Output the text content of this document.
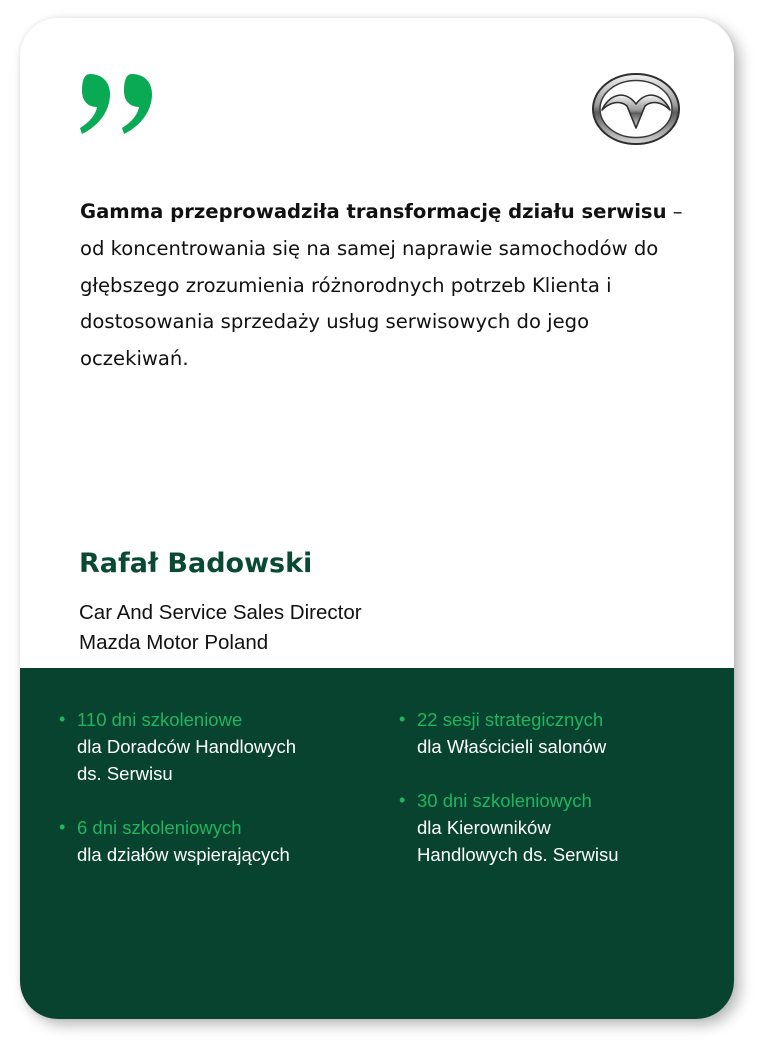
Gamma przeprowadziła transformację działu serwisu – od koncentrowania się na samej naprawie samochodów do głębszego zrozumienia różnorodnych potrzeb Klienta i dostosowania sprzedaży usług serwisowych do jego oczekiwań.

Rafał Badowski
Car And Service Sales Director
Mazda Motor Poland
• 110 dni szkoleniowe
dla Doradców Handlowych
ds. Serwisu
• 6 dni szkoleniowych
dla działów wspierających
• 22 sesji strategicznych
dla Właścicieli salonów
• 30 dni szkoleniowych
dla Kierowników
Handlowych ds. Serwisu
